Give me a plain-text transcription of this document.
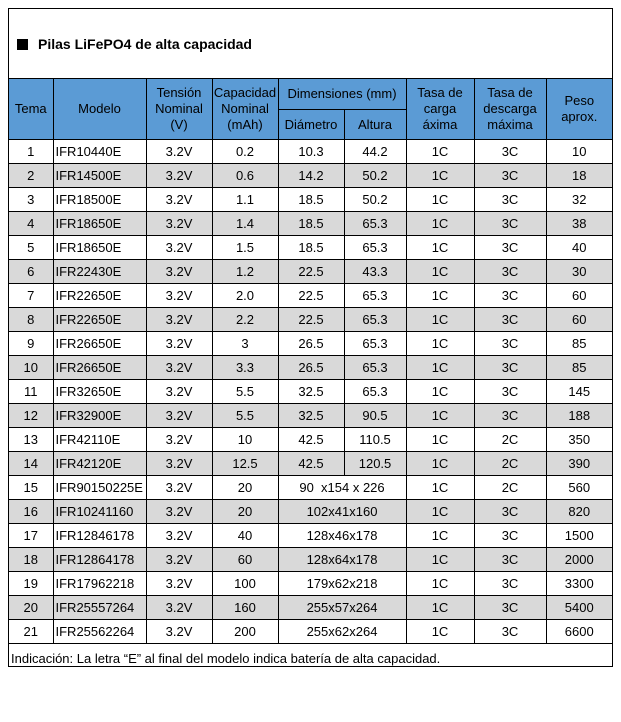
Pilas LiFePO4 de alta capacidad
Tema	Modelo	Tensión Nominal (V)	Capacidad Nominal (mAh)	Dimensiones (mm)		Tasa de carga áxima	Tasa de descarga máxima	Peso aprox.
				Diámetro	Altura			
1	IFR10440E	3.2V	0.2	10.3	44.2	1C	3C	10
2	IFR14500E	3.2V	0.6	14.2	50.2	1C	3C	18
3	IFR18500E	3.2V	1.1	18.5	50.2	1C	3C	32
4	IFR18650E	3.2V	1.4	18.5	65.3	1C	3C	38
5	IFR18650E	3.2V	1.5	18.5	65.3	1C	3C	40
6	IFR22430E	3.2V	1.2	22.5	43.3	1C	3C	30
7	IFR22650E	3.2V	2.0	22.5	65.3	1C	3C	60
8	IFR22650E	3.2V	2.2	22.5	65.3	1C	3C	60
9	IFR26650E	3.2V	3	26.5	65.3	1C	3C	85
10	IFR26650E	3.2V	3.3	26.5	65.3	1C	3C	85
11	IFR32650E	3.2V	5.5	32.5	65.3	1C	3C	145
12	IFR32900E	3.2V	5.5	32.5	90.5	1C	3C	188
13	IFR42110E	3.2V	10	42.5	110.5	1C	2C	350
14	IFR42120E	3.2V	12.5	42.5	120.5	1C	2C	390
15	IFR90150225E	3.2V	20	90  x154 x 226		1C	2C	560
16	IFR10241160	3.2V	20	102x41x160		1C	3C	820
17	IFR12846178	3.2V	40	128x46x178		1C	3C	1500
18	IFR12864178	3.2V	60	128x64x178		1C	3C	2000
19	IFR17962218	3.2V	100	179x62x218		1C	3C	3300
20	IFR25557264	3.2V	160	255x57x264		1C	3C	5400
21	IFR25562264	3.2V	200	255x62x264		1C	3C	6600
Indicación: La letra “E” al final del modelo indica batería de alta capacidad.
